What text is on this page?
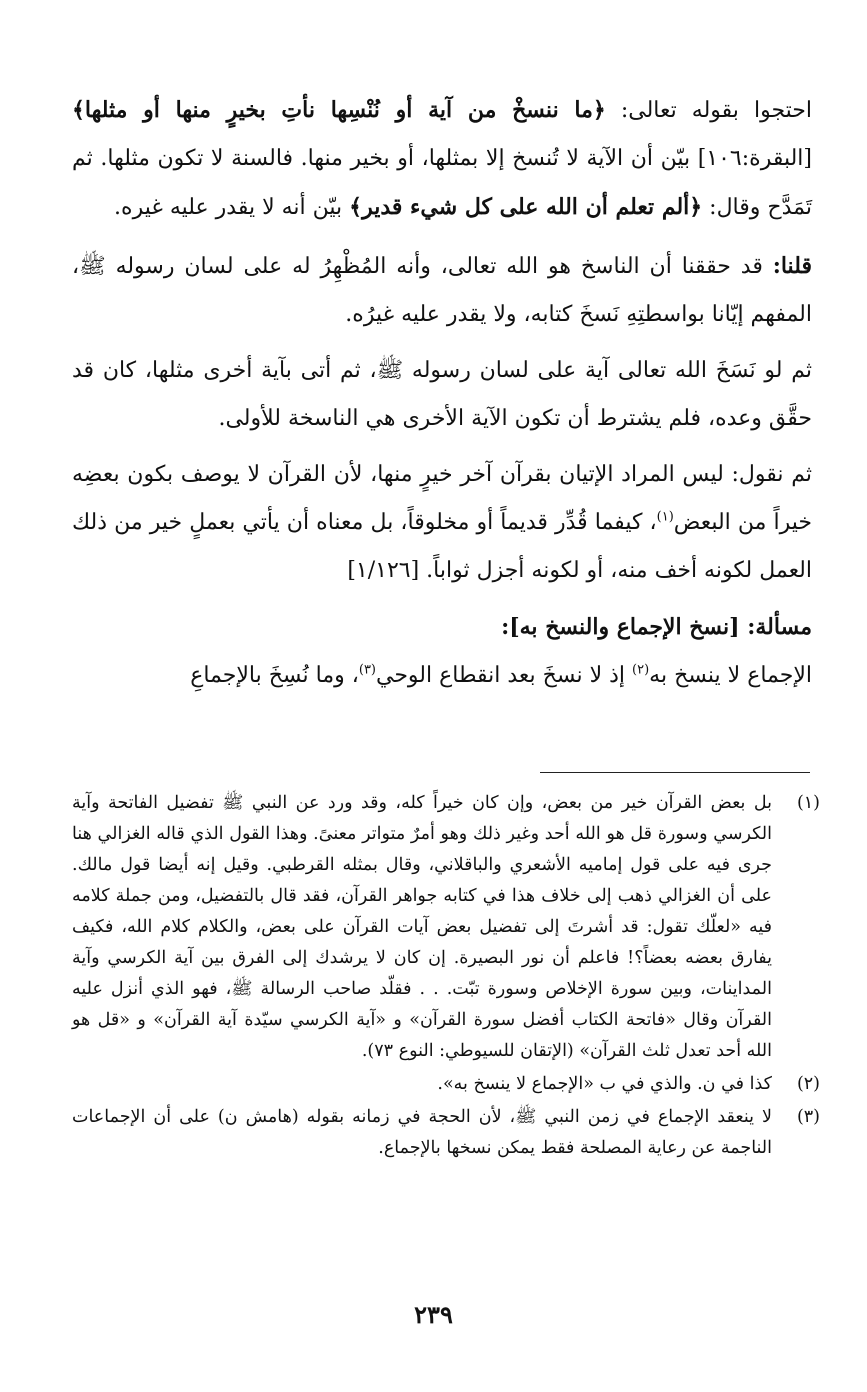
احتجوا بقوله تعالى: ﴿ما ننسخْ من آية أو نُنْسِها نأتِ بخيرٍ منها أو مثلها﴾ [البقرة:١٠٦] بيّن أن الآية لا تُنسخ إلا بمثلها، أو بخير منها. فالسنة لا تكون مثلها. ثم تَمَدَّح وقال: ﴿ألم تعلم أن الله على كل شيء قدير﴾ بيّن أنه لا يقدر عليه غيره.

قلنا: قد حققنا أن الناسخ هو الله تعالى، وأنه المُظْهِرُ له على لسان رسوله ﷺ، المفهم إيّانا بواسطتِهِ نَسخَ كتابه، ولا يقدر عليه غيرُه.

ثم لو نَسَخَ الله تعالى آية على لسان رسوله ﷺ، ثم أتى بآية أخرى مثلها، كان قد حقَّق وعده، فلم يشترط أن تكون الآية الأخرى هي الناسخة للأولى.

ثم نقول: ليس المراد الإتيان بقرآن آخر خيرٍ منها، لأن القرآن لا يوصف بكون بعضِه خيراً من البعض$^{(١)}$، كيفما قُدِّر قديماً أو مخلوقاً، بل معناه أن يأتي بعملٍ خير من ذلك العمل لكونه أخف منه، أو لكونه أجزل ثواباً. [١/١٢٦]

مسألة: [نسخ الإجماع والنسخ به]:

الإجماع لا ينسخ به$^{(٢)}$ إذ لا نسخَ بعد انقطاع الوحي$^{(٣)}$، وما نُسِخَ بالإجماعِ

(١)
بل بعض القرآن خير من بعض، وإن كان خيراً كله، وقد ورد عن النبي ﷺ تفضيل الفاتحة وآية الكرسي وسورة قل هو الله أحد وغير ذلك وهو أمرٌ متواتر معنىً. وهذا القول الذي قاله الغزالي هنا جرى فيه على قول إماميه الأشعري والباقلاني، وقال بمثله القرطبي. وقيل إنه أيضا قول مالك. على أن الغزالي ذهب إلى خلاف هذا في كتابه جواهر القرآن، فقد قال بالتفضيل، ومن جملة كلامه فيه «لعلّك تقول: قد أشرتَ إلى تفضيل بعض آيات القرآن على بعض، والكلام كلام الله، فكيف يفارق بعضه بعضاً؟! فاعلم أن نور البصيرة. إن كان لا يرشدك إلى الفرق بين آية الكرسي وآية المداينات، وبين سورة الإخلاص وسورة تبّت. . . فقلّد صاحب الرسالة ﷺ، فهو الذي أنزل عليه القرآن وقال «فاتحة الكتاب أفضل سورة القرآن» و «آية الكرسي سيّدة آية القرآن» و «قل هو الله أحد تعدل ثلث القرآن» (الإتقان للسيوطي: النوع ٧٣).
(٢)
كذا في ن. والذي في ب «الإجماع لا ينسخ به».
(٣)
لا ينعقد الإجماع في زمن النبي ﷺ، لأن الحجة في زمانه بقوله (هامش ن) على أن الإجماعات الناجمة عن رعاية المصلحة فقط يمكن نسخها بالإجماع.
٢٣٩
